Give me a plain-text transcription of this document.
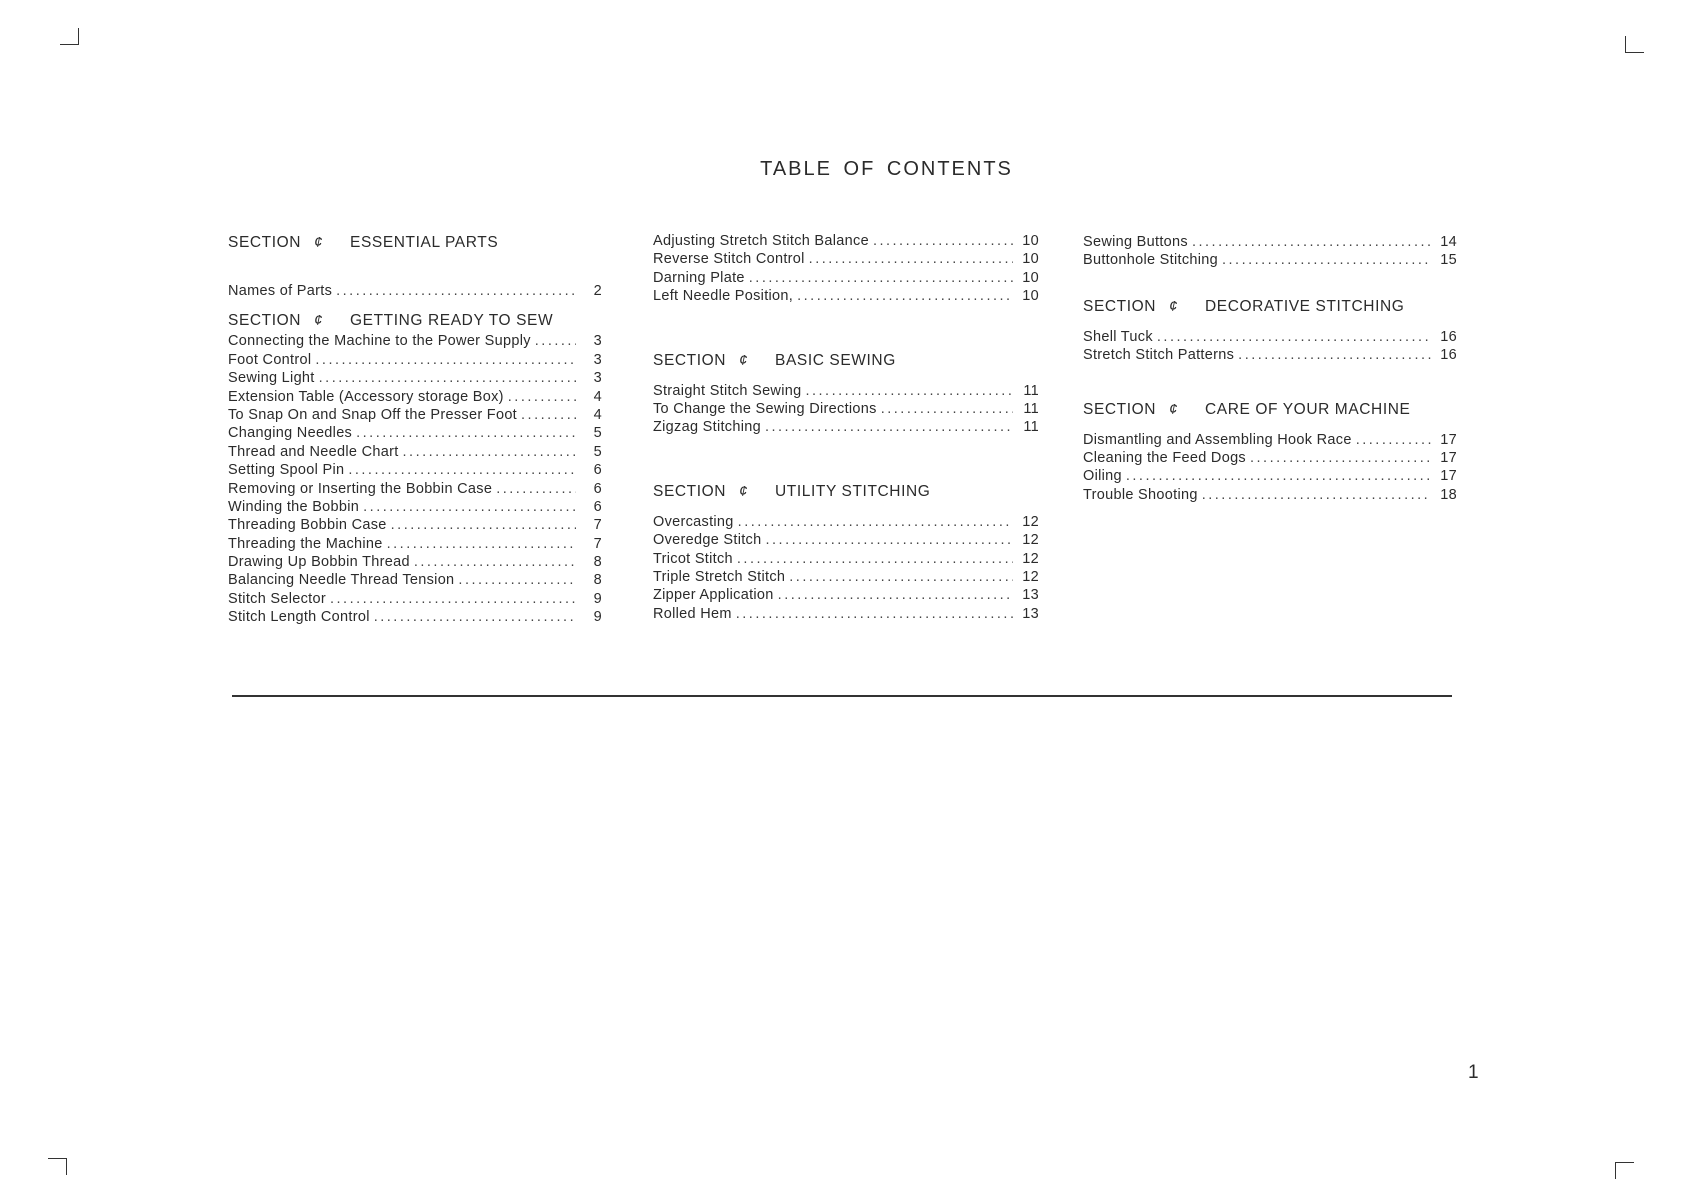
TABLE OF CONTENTS
SECTION ¢	ESSENTIAL PARTS
Names of Parts .....	2
SECTION ¢	GETTING READY TO SEW
Connecting the Machine to the Power Supply .....	3
Foot Control .....	3
Sewing Light .....	3
Extension Table (Accessory storage Box) .....	4
To Snap On and Snap Off the Presser Foot .....	4
Changing Needles .....	5
Thread and Needle Chart .....	5
Setting Spool Pin .....	6
Removing or Inserting the Bobbin Case .....	6
Winding the Bobbin .....	6
Threading Bobbin Case .....	7
Threading the Machine .....	7
Drawing Up Bobbin Thread .....	8
Balancing Needle Thread Tension .....	8
Stitch Selector .....	9
Stitch Length Control .....	9
Adjusting Stretch Stitch Balance .....	10
Reverse Stitch Control .....	10
Darning Plate .....	10
Left Needle Position, .....	10
SECTION ¢	BASIC SEWING
Straight Stitch Sewing .....	11
To Change the Sewing Directions .....	11
Zigzag Stitching .....	11
SECTION ¢	UTILITY STITCHING
Overcasting .....	12
Overedge Stitch .....	12
Tricot Stitch .....	12
Triple Stretch Stitch .....	12
Zipper Application .....	13
Rolled Hem .....	13
Sewing Buttons .....	14
Buttonhole Stitching .....	15
SECTION ¢	DECORATIVE STITCHING
Shell Tuck .....	16
Stretch Stitch Patterns .....	16
SECTION ¢	CARE OF YOUR MACHINE
Dismantling and Assembling Hook Race .....	17
Cleaning the Feed Dogs .....	17
Oiling .....	17
Trouble Shooting .....	18
1
